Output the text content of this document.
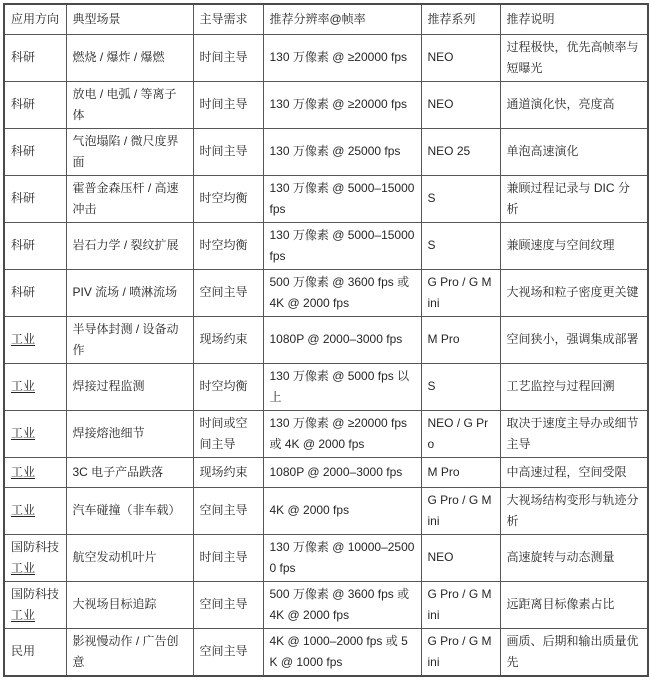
应用方向	典型场景	主导需求	推荐分辨率@帧率	推荐系列	推荐说明
科研	燃烧 / 爆炸 / 爆燃	时间主导	130 万像素 @ ≥20000 fps	NEO	过程极快，优先高帧率与短曝光
科研	放电 / 电弧 / 等离子体	时间主导	130 万像素 @ ≥20000 fps	NEO	通道演化快，亮度高
科研	气泡塌陷 / 微尺度界面	时间主导	130 万像素 @ 25000 fps	NEO 25	单泡高速演化
科研	霍普金森压杆 / 高速冲击	时空均衡	130 万像素 @ 5000–15000 fps	S	兼顾过程记录与 DIC 分析
科研	岩石力学 / 裂纹扩展	时空均衡	130 万像素 @ 5000–15000 fps	S	兼顾速度与空间纹理
科研	PIV 流场 / 喷淋流场	空间主导	500 万像素 @ 3600 fps 或 4K @ 2000 fps	G Pro / G Mini	大视场和粒子密度更关键
工业	半导体封测 / 设备动作	现场约束	1080P @ 2000–3000 fps	M Pro	空间狭小，强调集成部署
工业	焊接过程监测	时空均衡	130 万像素 @ 5000 fps 以上	S	工艺监控与过程回溯
工业	焊接熔池细节	时间或空间主导	130 万像素 @ ≥20000 fps 或 4K @ 2000 fps	NEO / G Pro	取决于速度主导办或细节主导
工业	3C 电子产品跌落	现场约束	1080P @ 2000–3000 fps	M Pro	中高速过程，空间受限
工业	汽车碰撞（非车载）	空间主导	4K @ 2000 fps	G Pro / G Mini	大视场结构变形与轨迹分析
国防科技工业	航空发动机叶片	时间主导	130 万像素 @ 10000–25000 fps	NEO	高速旋转与动态测量
国防科技工业	大视场目标追踪	空间主导	500 万像素 @ 3600 fps 或 4K @ 2000 fps	G Pro / G Mini	远距离目标像素占比
民用	影视慢动作 / 广告创意	空间主导	4K @ 1000–2000 fps 或 5K @ 1000 fps	G Pro / G Mini	画质、后期和输出质量优先
